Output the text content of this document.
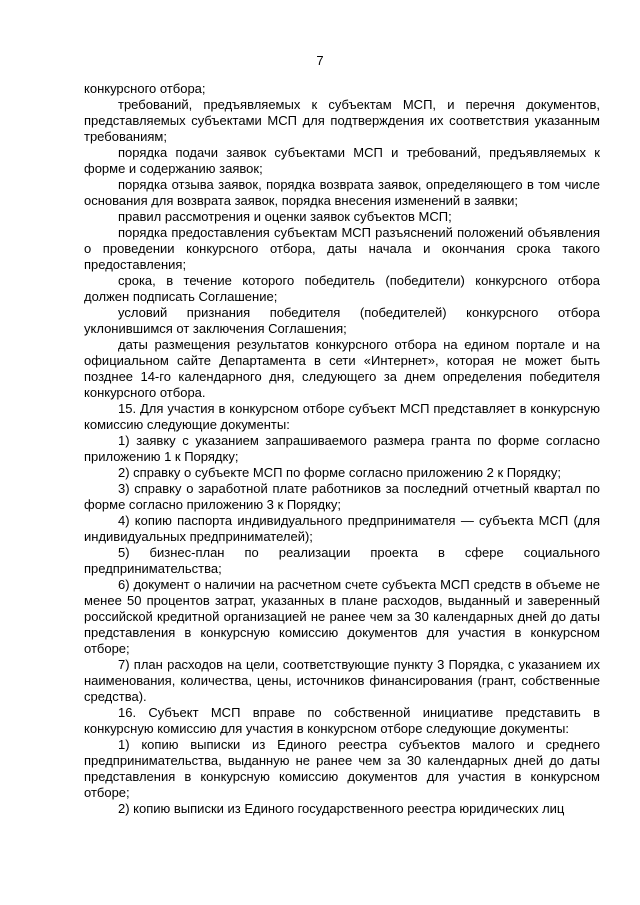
7

конкурсного отбора;

требований, предъявляемых к субъектам МСП, и перечня документов, представляемых субъектами МСП для подтверждения их соответствия указанным требованиям;

порядка подачи заявок субъектами МСП и требований, предъявляемых к форме и содержанию заявок;

порядка отзыва заявок, порядка возврата заявок, определяющего в том числе основания для возврата заявок, порядка внесения изменений в заявки;

правил рассмотрения и оценки заявок субъектов МСП;

порядка предоставления субъектам МСП разъяснений положений объявления о проведении конкурсного отбора, даты начала и окончания срока такого предоставления;

срока, в течение которого победитель (победители) конкурсного отбора должен подписать Соглашение;

условий признания победителя (победителей) конкурсного отбора уклонившимся от заключения Соглашения;

даты размещения результатов конкурсного отбора на едином портале и на официальном сайте Департамента в сети «Интернет», которая не может быть позднее 14-го календарного дня, следующего за днем определения победителя конкурсного отбора.

15. Для участия в конкурсном отборе субъект МСП представляет в конкурсную комиссию следующие документы:

1) заявку с указанием запрашиваемого размера гранта по форме согласно приложению 1 к Порядку;

2) справку о субъекте МСП по форме согласно приложению 2 к Порядку;

3) справку о заработной плате работников за последний отчетный квартал по форме согласно приложению 3 к Порядку;

4) копию паспорта индивидуального предпринимателя — субъекта МСП (для индивидуальных предпринимателей);

5) бизнес-план по реализации проекта в сфере социального предпринимательства;

6) документ о наличии на расчетном счете субъекта МСП средств в объеме не менее 50 процентов затрат, указанных в плане расходов, выданный и заверенный российской кредитной организацией не ранее чем за 30 календарных дней до даты представления в конкурсную комиссию документов для участия в конкурсном отборе;

7) план расходов на цели, соответствующие пункту 3 Порядка, с указанием их наименования, количества, цены, источников финансирования (грант, собственные средства).

16. Субъект МСП вправе по собственной инициативе представить в конкурсную комиссию для участия в конкурсном отборе следующие документы:

1) копию выписки из Единого реестра субъектов малого и среднего предпринимательства, выданную не ранее чем за 30 календарных дней до даты представления в конкурсную комиссию документов для участия в конкурсном отборе;

2) копию выписки из Единого государственного реестра юридических лиц
